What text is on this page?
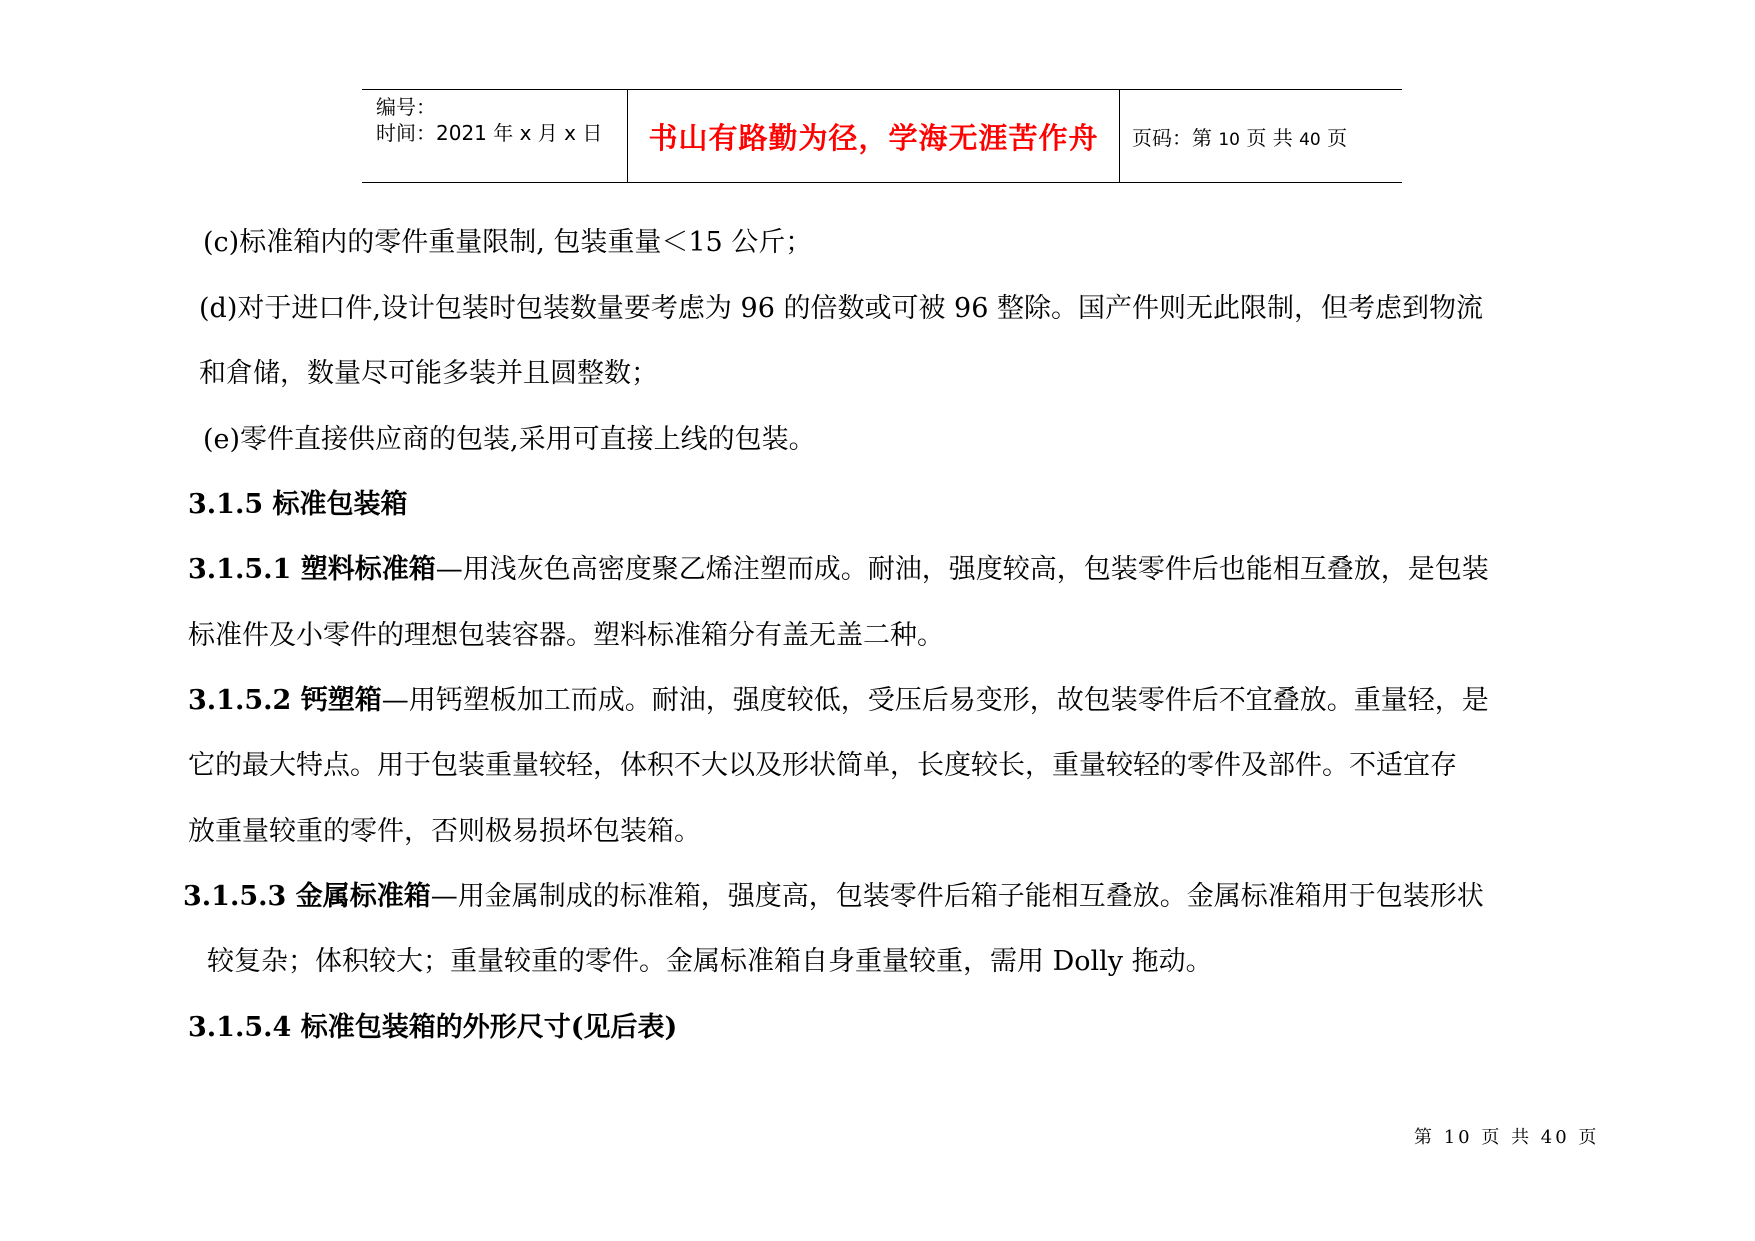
编号：
时间：2021 年 x 月 x 日 书山有路勤为径，学海无涯苦作舟 页码：第 10 页 共 40 页
(c)标准箱内的零件重量限制, 包装重量＜15 公斤；
(d)对于进口件,设计包装时包装数量要考虑为 96 的倍数或可被 96 整除。国产件则无此限制，但考虑到物流
和倉储，数量尽可能多装并且圆整数；
(e)零件直接供应商的包装,采用可直接上线的包装。
3.1.5 标准包装箱
3.1.5.1 塑料标准箱—用浅灰色高密度聚乙烯注塑而成。耐油，强度较高，包装零件后也能相互叠放，是包装
标准件及小零件的理想包装容器。塑料标准箱分有盖无盖二种。
3.1.5.2 钙塑箱—用钙塑板加工而成。耐油，强度较低，受压后易变形，故包装零件后不宜叠放。重量轻，是
它的最大特点。用于包装重量较轻，体积不大以及形状简单，长度较长，重量较轻的零件及部件。不适宜存
放重量较重的零件，否则极易损坏包装箱。
3.1.5.3 金属标准箱—用金属制成的标准箱，强度高，包装零件后箱子能相互叠放。金属标准箱用于包装形状
较复杂；体积较大；重量较重的零件。金属标准箱自身重量较重，需用 Dolly 拖动。
3.1.5.4 标准包装箱的外形尺寸(见后表)
第 10 页 共 40 页
